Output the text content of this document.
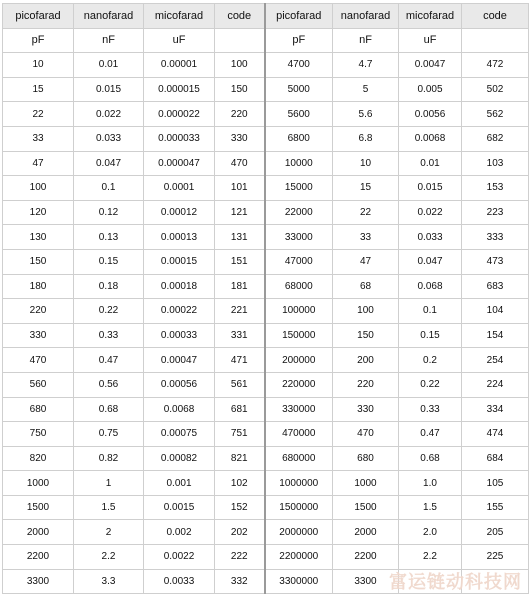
picofarad	nanofarad	micofarad	code	picofarad	nanofarad	micofarad	code
pF	nF	uF		pF	nF	uF	
10	0.01	0.00001	100	4700	4.7	0.0047	472
15	0.015	0.000015	150	5000	5	0.005	502
22	0.022	0.000022	220	5600	5.6	0.0056	562
33	0.033	0.000033	330	6800	6.8	0.0068	682
47	0.047	0.000047	470	10000	10	0.01	103
100	0.1	0.0001	101	15000	15	0.015	153
120	0.12	0.00012	121	22000	22	0.022	223
130	0.13	0.00013	131	33000	33	0.033	333
150	0.15	0.00015	151	47000	47	0.047	473
180	0.18	0.00018	181	68000	68	0.068	683
220	0.22	0.00022	221	100000	100	0.1	104
330	0.33	0.00033	331	150000	150	0.15	154
470	0.47	0.00047	471	200000	200	0.2	254
560	0.56	0.00056	561	220000	220	0.22	224
680	0.68	0.0068	681	330000	330	0.33	334
750	0.75	0.00075	751	470000	470	0.47	474
820	0.82	0.00082	821	680000	680	0.68	684
1000	1	0.001	102	1000000	1000	1.0	105
1500	1.5	0.0015	152	1500000	1500	1.5	155
2000	2	0.002	202	2000000	2000	2.0	205
2200	2.2	0.0022	222	2200000	2200	2.2	225
3300	3.3	0.0033	332	3300000	3300		富运链动科技网
